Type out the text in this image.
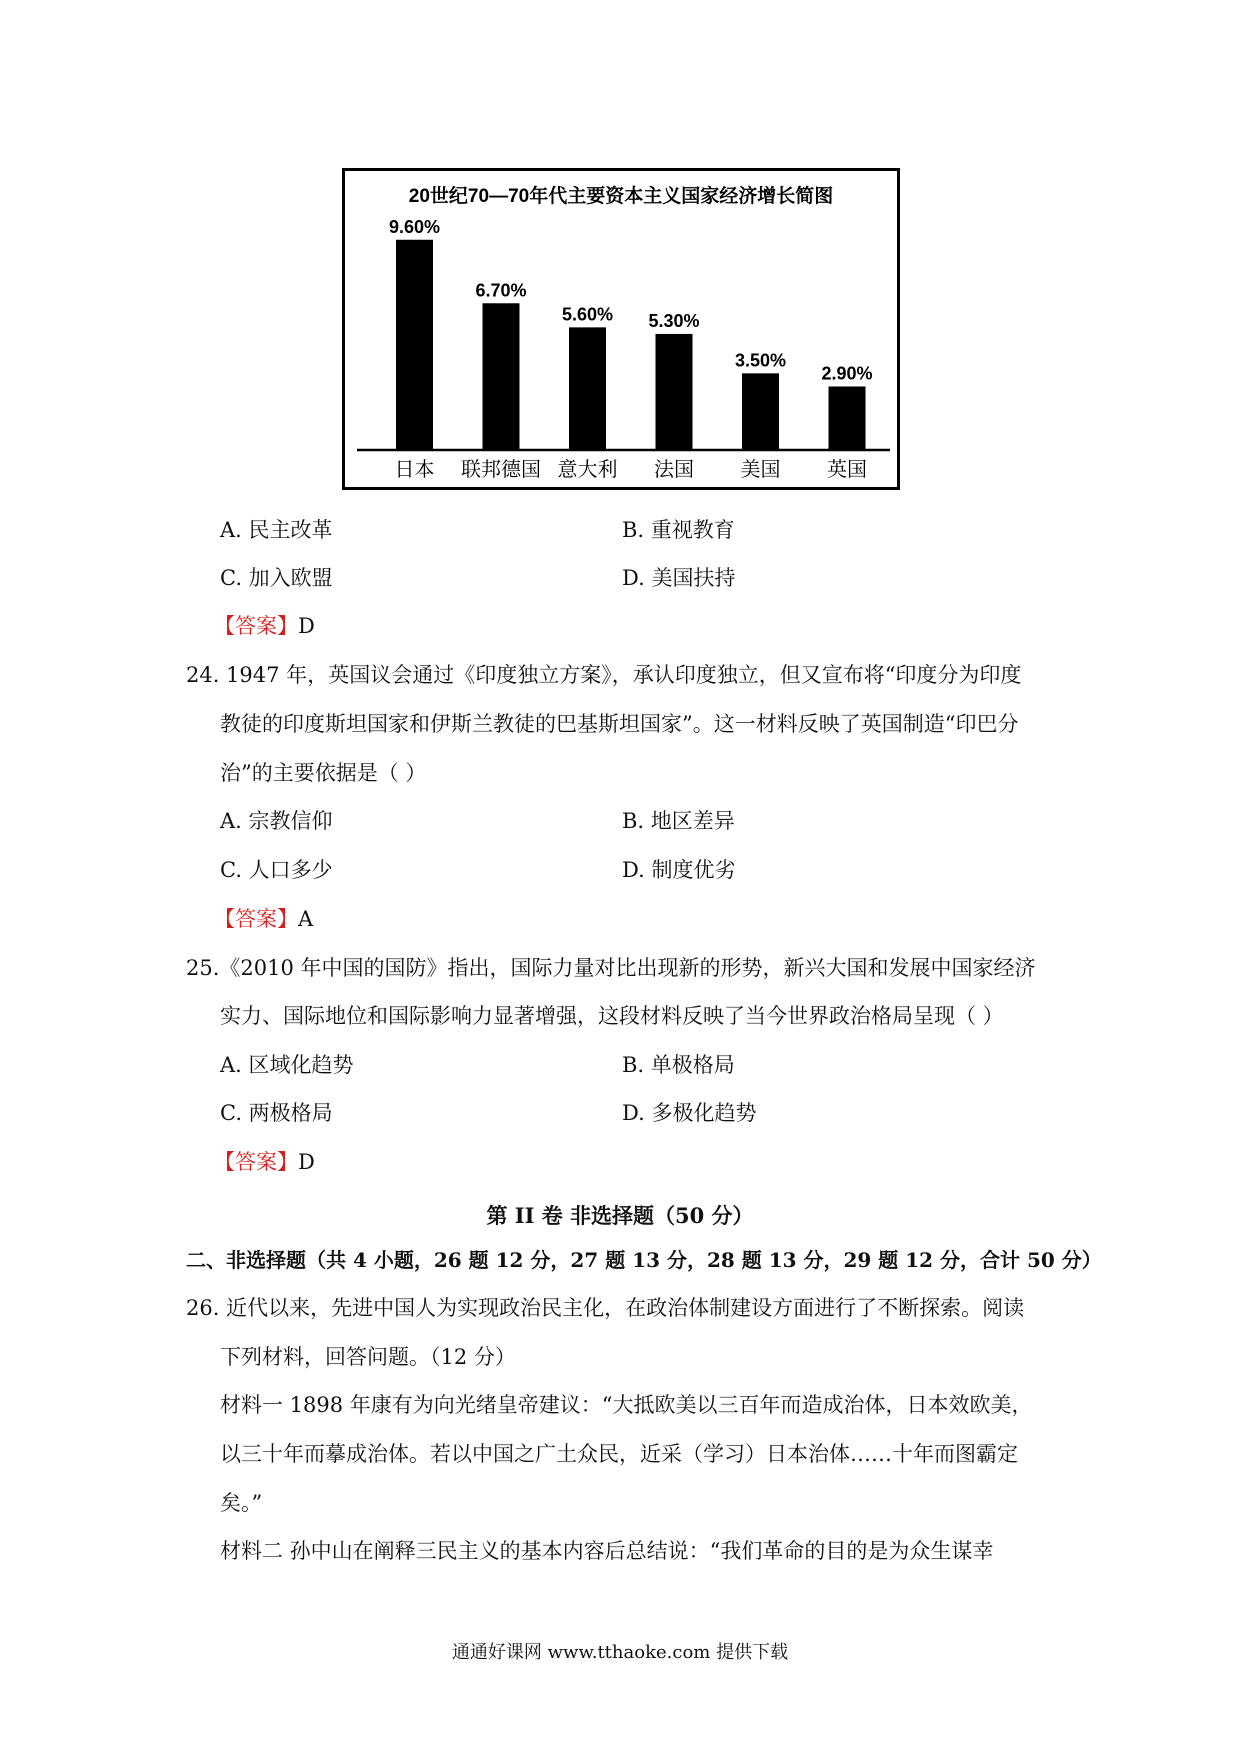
20世纪70—70年代主要资本主义国家经济增长简图
9.60%
日本
6.70%
联邦德国
5.60%
意大利
5.30%
法国
3.50%
美国
2.90%
英国
A. 民主改革	B. 重视教育
C. 加入欧盟	D. 美国扶持
【答案】D
24. 1947 年，英国议会通过《印度独立方案》，承认印度独立，但又宣布将“印度分为印度
教徒的印度斯坦国家和伊斯兰教徒的巴基斯坦国家”。这一材料反映了英国制造“印巴分
治”的主要依据是（ ）
A. 宗教信仰	B. 地区差异
C. 人口多少	D. 制度优劣
【答案】A
25.《2010 年中国的国防》指出，国际力量对比出现新的形势，新兴大国和发展中国家经济
实力、国际地位和国际影响力显著增强，这段材料反映了当今世界政治格局呈现（ ）
A. 区域化趋势	B. 单极格局
C. 两极格局	D. 多极化趋势
【答案】D
第 II 卷 非选择题（50 分）
二、非选择题（共 4 小题，26 题 12 分，27 题 13 分，28 题 13 分，29 题 12 分，合计 50 分）
26. 近代以来，先进中国人为实现政治民主化，在政治体制建设方面进行了不断探索。阅读
下列材料，回答问题。（12 分）
材料一 1898 年康有为向光绪皇帝建议：“大抵欧美以三百年而造成治体，日本效欧美，
以三十年而摹成治体。若以中国之广土众民，近采（学习）日本治体……十年而图霸定
矣。”
材料二 孙中山在阐释三民主义的基本内容后总结说：“我们革命的目的是为众生谋幸
通通好课网 www.tthaoke.com 提供下载
